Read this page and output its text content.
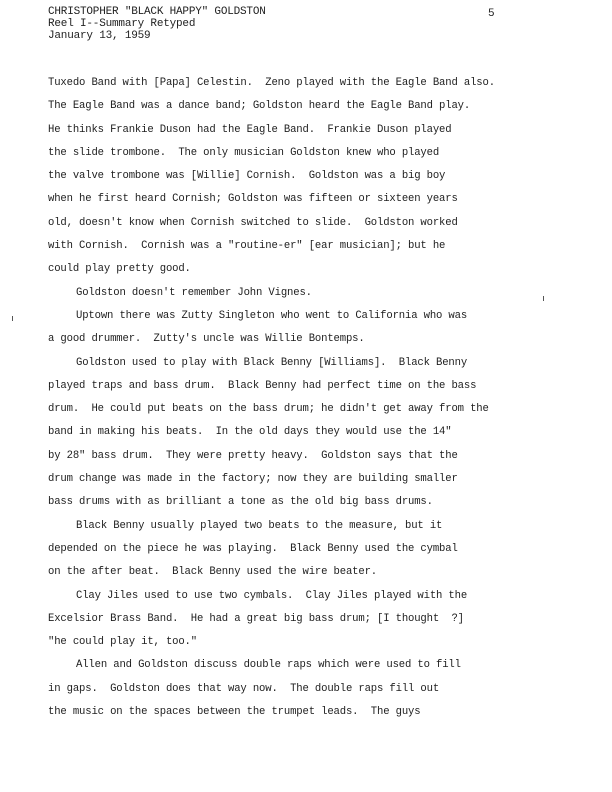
CHRISTOPHER "BLACK HAPPY" GOLDSTON
Reel I--Summary Retyped
January 13, 1959
5
Tuxedo Band with [Papa] Celestin.  Zeno played with the Eagle Band also.
The Eagle Band was a dance band; Goldston heard the Eagle Band play.
He thinks Frankie Duson had the Eagle Band.  Frankie Duson played
the slide trombone.  The only musician Goldston knew who played
the valve trombone was [Willie] Cornish.  Goldston was a big boy
when he first heard Cornish; Goldston was fifteen or sixteen years
old, doesn't know when Cornish switched to slide.  Goldston worked
with Cornish.  Cornish was a "routine-er" [ear musician]; but he
could play pretty good.
Goldston doesn't remember John Vignes.
Uptown there was Zutty Singleton who went to California who was
a good drummer.  Zutty's uncle was Willie Bontemps.
Goldston used to play with Black Benny [Williams].  Black Benny
played traps and bass drum.  Black Benny had perfect time on the bass
drum.  He could put beats on the bass drum; he didn't get away from the
band in making his beats.  In the old days they would use the 14"
by 28" bass drum.  They were pretty heavy.  Goldston says that the
drum change was made in the factory; now they are building smaller
bass drums with as brilliant a tone as the old big bass drums.
Black Benny usually played two beats to the measure, but it
depended on the piece he was playing.  Black Benny used the cymbal
on the after beat.  Black Benny used the wire beater.
Clay Jiles used to use two cymbals.  Clay Jiles played with the
Excelsior Brass Band.  He had a great big bass drum; [I thought  ?]
"he could play it, too."
Allen and Goldston discuss double raps which were used to fill
in gaps.  Goldston does that way now.  The double raps fill out
the music on the spaces between the trumpet leads.  The guys
